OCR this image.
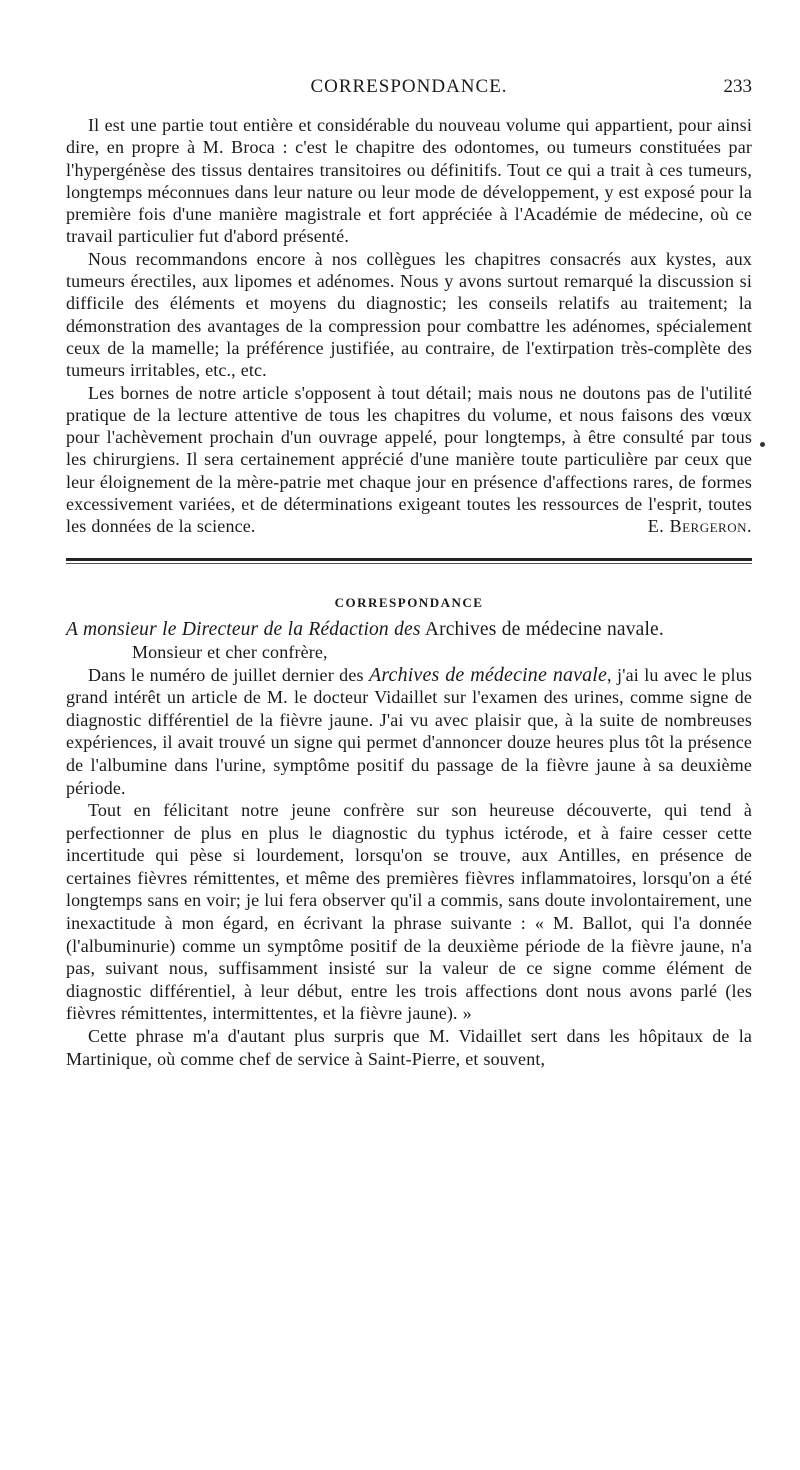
CORRESPONDANCE.	233

Il est une partie tout entière et considérable du nouveau volume qui appartient, pour ainsi dire, en propre à M. Broca : c'est le chapitre des odontomes, ou tumeurs constituées par l'hypergénèse des tissus dentaires transitoires ou définitifs. Tout ce qui a trait à ces tumeurs, longtemps méconnues dans leur nature ou leur mode de développement, y est exposé pour la première fois d'une manière magistrale et fort appréciée à l'Académie de médecine, où ce travail particulier fut d'abord présenté.

Nous recommandons encore à nos collègues les chapitres consacrés aux kystes, aux tumeurs érectiles, aux lipomes et adénomes. Nous y avons surtout remarqué la discussion si difficile des éléments et moyens du diagnostic; les conseils relatifs au traitement; la démonstration des avantages de la compression pour combattre les adénomes, spécialement ceux de la mamelle; la préférence justifiée, au contraire, de l'extirpation très-complète des tumeurs irritables, etc., etc.

Les bornes de notre article s'opposent à tout détail; mais nous ne doutons pas de l'utilité pratique de la lecture attentive de tous les chapitres du volume, et nous faisons des vœux pour l'achèvement prochain d'un ouvrage appelé, pour longtemps, à être consulté par tous les chirurgiens. Il sera certainement apprécié d'une manière toute particulière par ceux que leur éloignement de la mère-patrie met chaque jour en présence d'affections rares, de formes excessivement variées, et de déterminations exigeant toutes les ressources de l'esprit, toutes les données de la science.	E. Bergeron.

CORRESPONDANCE

A monsieur le Directeur de la Rédaction des Archives de médecine navale.

Monsieur et cher confrère,

Dans le numéro de juillet dernier des Archives de médecine navale, j'ai lu avec le plus grand intérêt un article de M. le docteur Vidaillet sur l'examen des urines, comme signe de diagnostic différentiel de la fièvre jaune. J'ai vu avec plaisir que, à la suite de nombreuses expériences, il avait trouvé un signe qui permet d'annoncer douze heures plus tôt la présence de l'albumine dans l'urine, symptôme positif du passage de la fièvre jaune à sa deuxième période.

Tout en félicitant notre jeune confrère sur son heureuse découverte, qui tend à perfectionner de plus en plus le diagnostic du typhus ictérode, et à faire cesser cette incertitude qui pèse si lourdement, lorsqu'on se trouve, aux Antilles, en présence de certaines fièvres rémittentes, et même des premières fièvres inflammatoires, lorsqu'on a été longtemps sans en voir; je lui fera observer qu'il a commis, sans doute involontairement, une inexactitude à mon égard, en écrivant la phrase suivante : « M. Ballot, qui l'a donnée (l'albuminurie) comme un symptôme positif de la deuxième période de la fièvre jaune, n'a pas, suivant nous, suffisamment insisté sur la valeur de ce signe comme élément de diagnostic différentiel, à leur début, entre les trois affections dont nous avons parlé (les fièvres rémittentes, intermittentes, et la fièvre jaune). »

Cette phrase m'a d'autant plus surpris que M. Vidaillet sert dans les hôpitaux de la Martinique, où comme chef de service à Saint-Pierre, et souvent,
